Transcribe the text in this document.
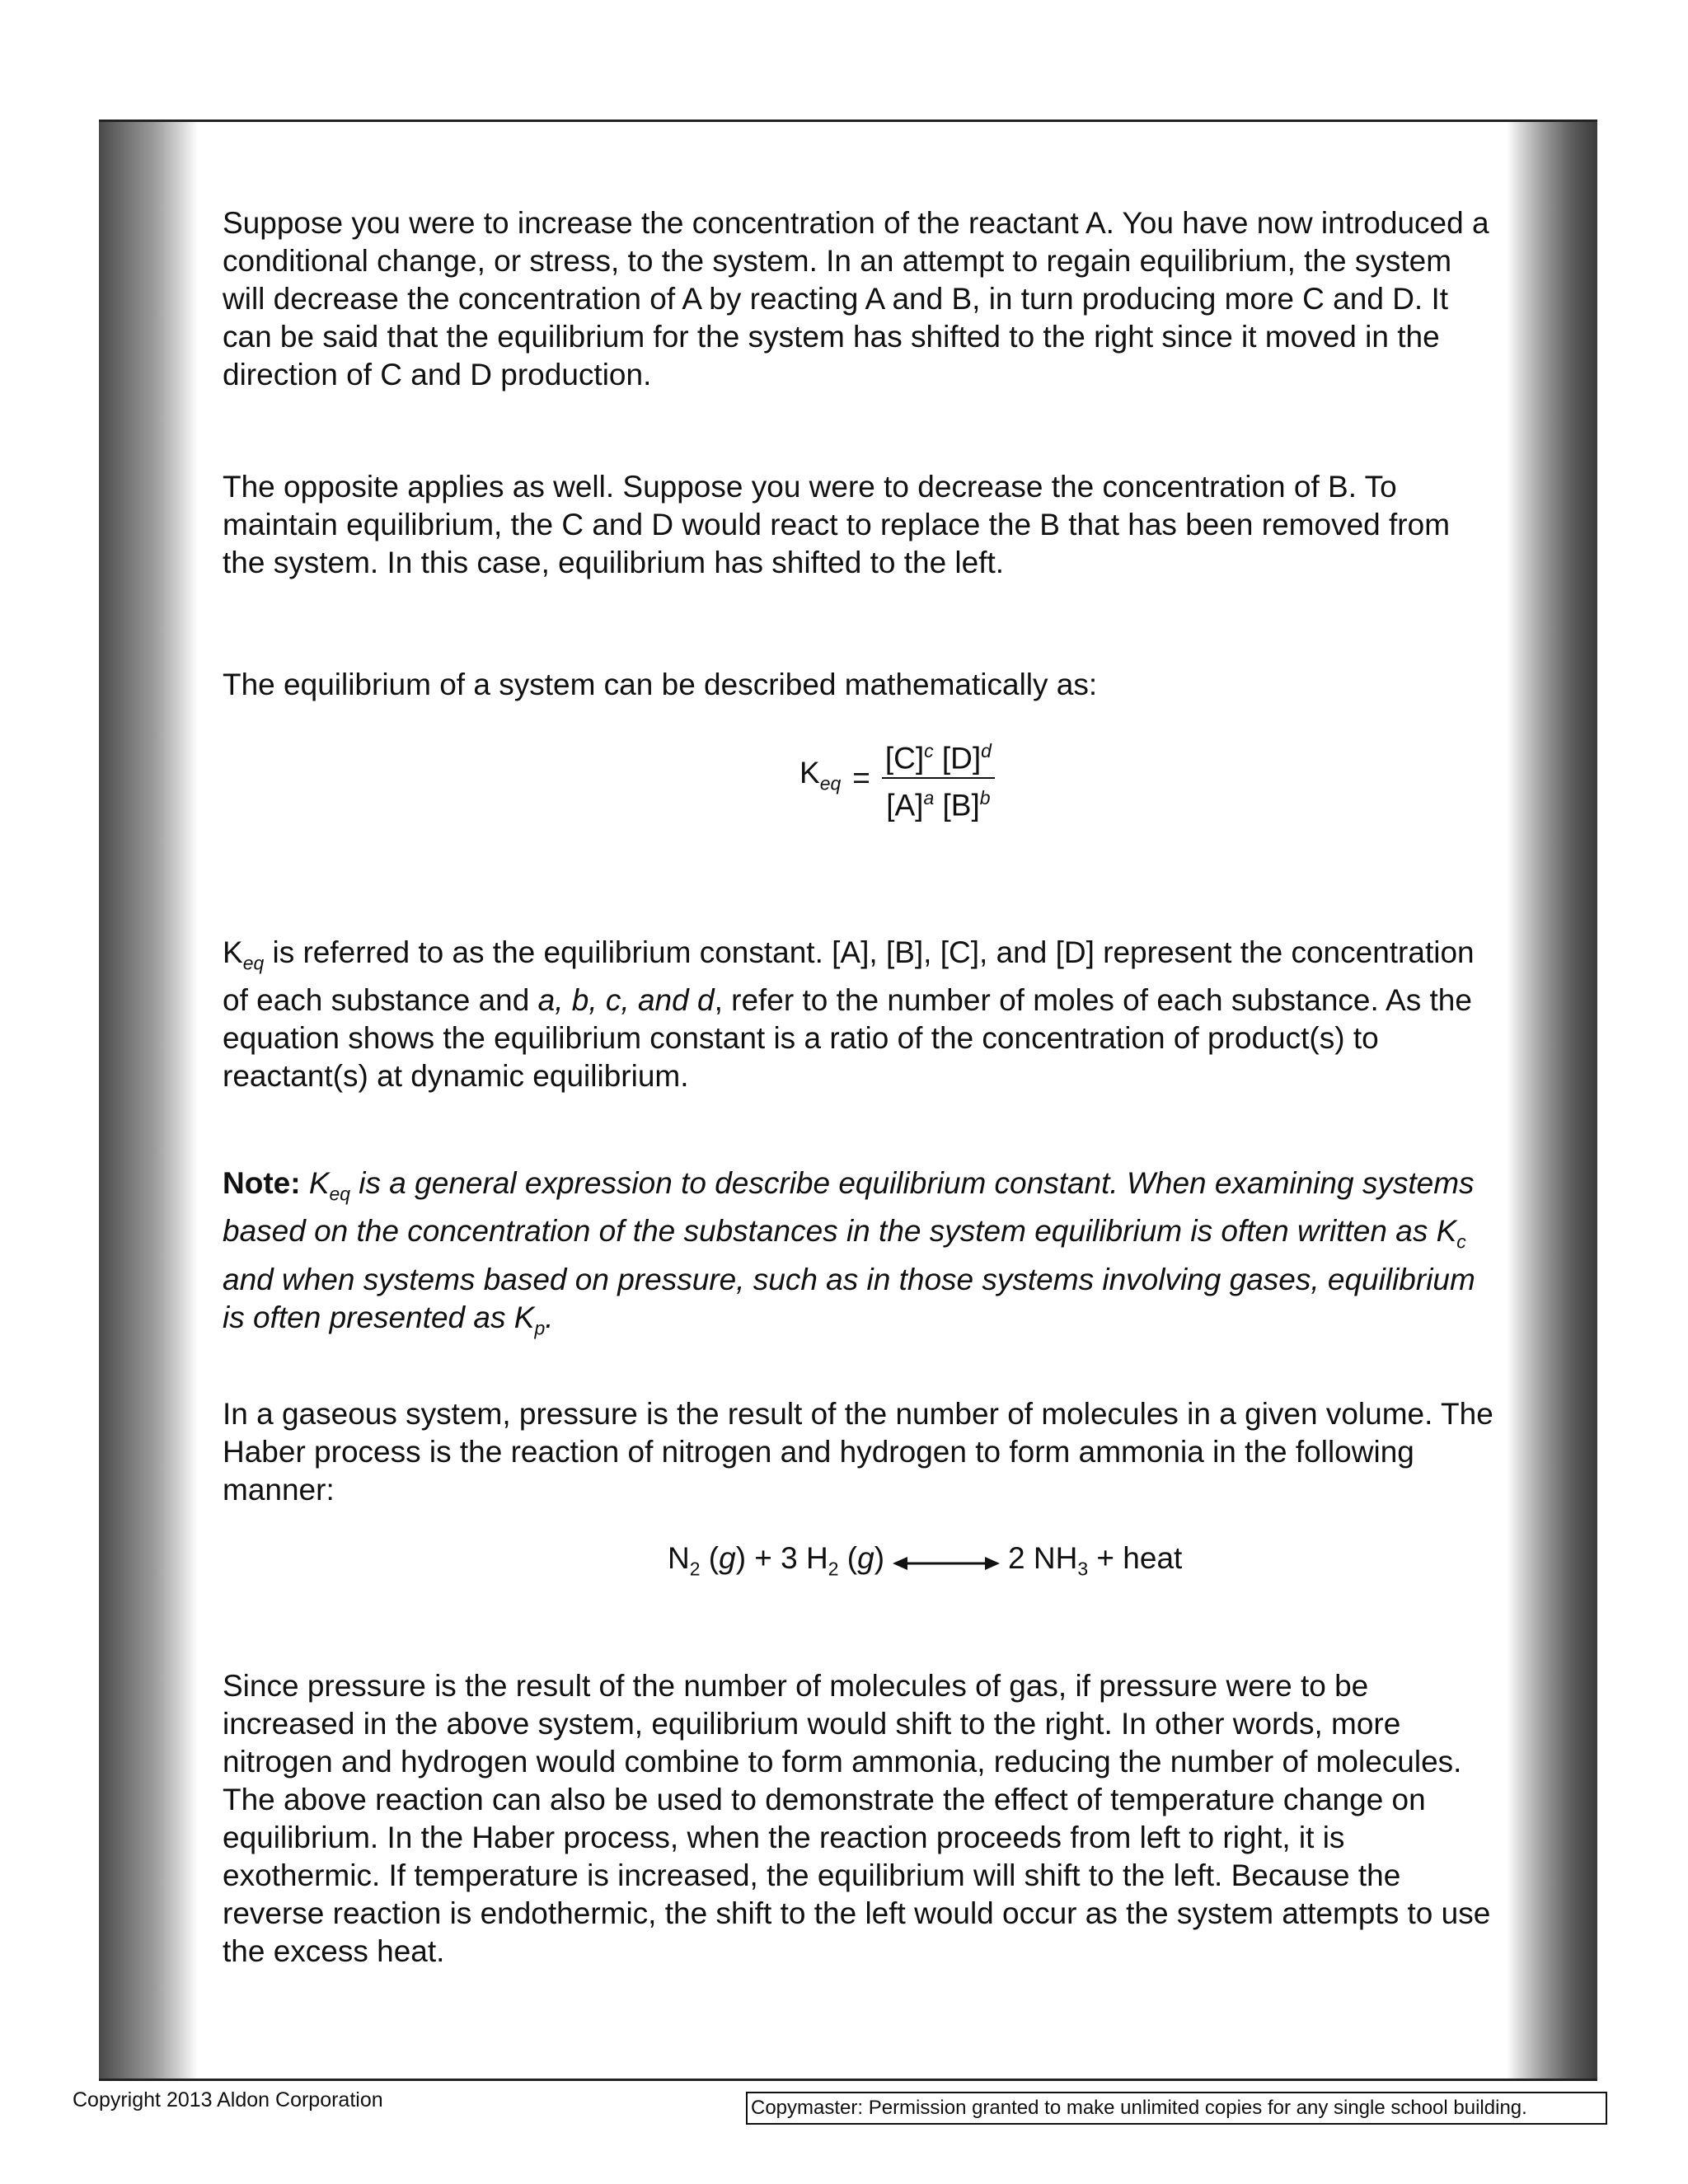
Suppose you were to increase the concentration of the reactant A. You have now introduced a conditional change, or stress, to the system. In an attempt to regain equilibrium, the system will decrease the concentration of A by reacting A and B, in turn producing more C and D. It can be said that the equilibrium for the system has shifted to the right since it moved in the direction of C and D production.

The opposite applies as well. Suppose you were to decrease the concentration of B. To maintain equilibrium, the C and D would react to replace the B that has been removed from the system. In this case, equilibrium has shifted to the left.

The equilibrium of a system can be described mathematically as:

$K_{eq} = \frac{[C]^c [D]^d}{[A]^a [B]^b}$

$K_{eq}$ is referred to as the equilibrium constant. [A], [B], [C], and [D] represent the concentration of each substance and a, b, c, and d, refer to the number of moles of each substance. As the equation shows the equilibrium constant is a ratio of the concentration of product(s) to reactant(s) at dynamic equilibrium.

Note: $K_{eq}$ is a general expression to describe equilibrium constant. When examining systems based on the concentration of the substances in the system equilibrium is often written as $K_c$ and when systems based on pressure, such as in those systems involving gases, equilibrium is often presented as $K_p$.

In a gaseous system, pressure is the result of the number of molecules in a given volume. The Haber process is the reaction of nitrogen and hydrogen to form ammonia in the following manner:

$N_2$ (g) + 3 $H_2$ (g)	2 $NH_3$ + heat

Since pressure is the result of the number of molecules of gas, if pressure were to be increased in the above system, equilibrium would shift to the right. In other words, more nitrogen and hydrogen would combine to form ammonia, reducing the number of molecules. The above reaction can also be used to demonstrate the effect of temperature change on equilibrium. In the Haber process, when the reaction proceeds from left to right, it is exothermic. If temperature is increased, the equilibrium will shift to the left. Because the reverse reaction is endothermic, the shift to the left would occur as the system attempts to use the excess heat.

Copyright 2013 Aldon Corporation	Copymaster: Permission granted to make unlimited copies for any single school building.
